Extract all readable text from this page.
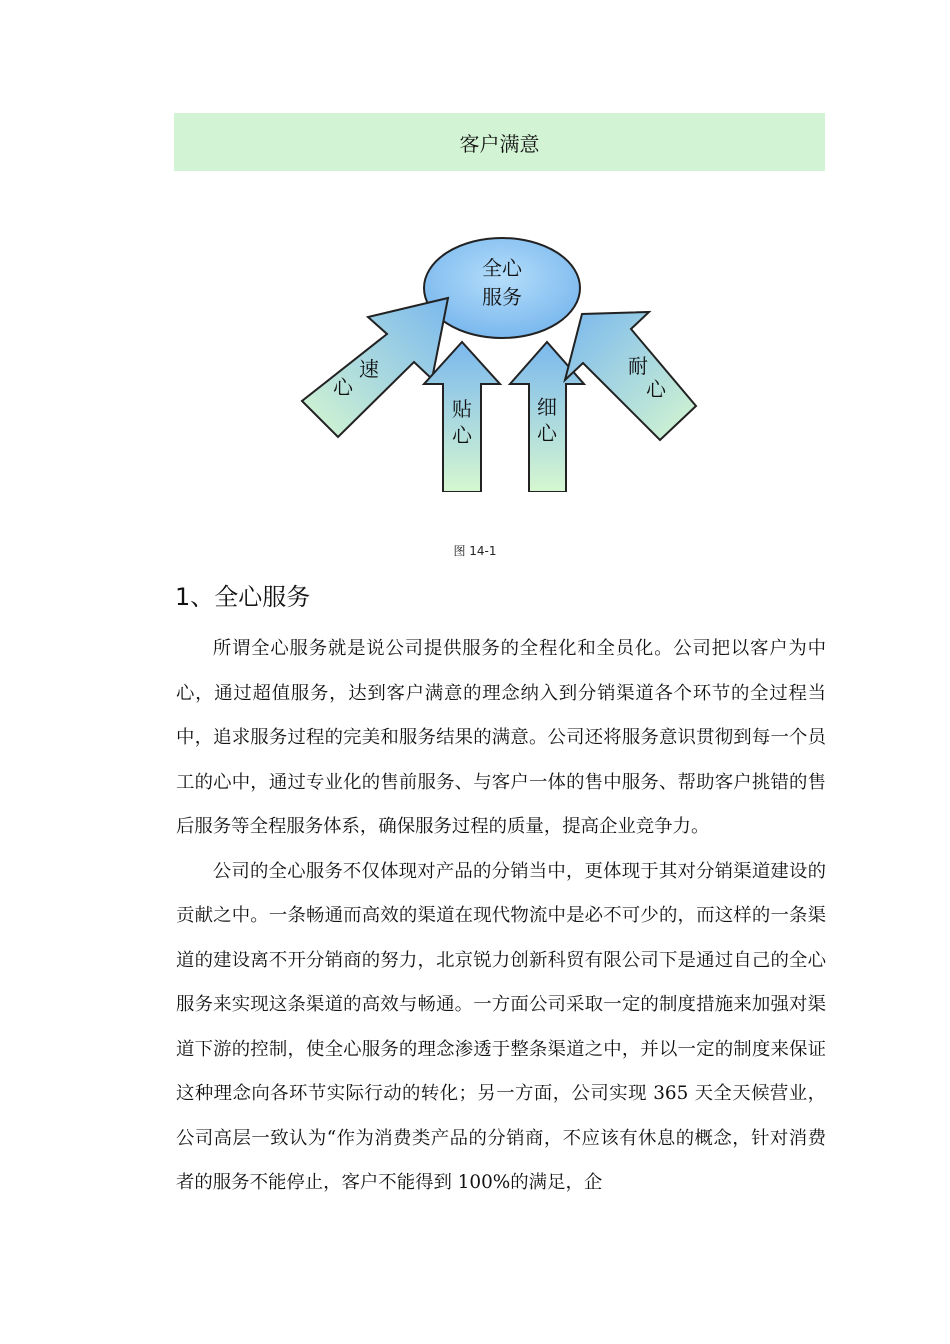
客户满意
全心
服务
速
心
贴
心
细
心
耐
心
图 14-1
1、全心服务

所谓全心服务就是说公司提供服务的全程化和全员化。公司把以客户为中心，通过超值服务，达到客户满意的理念纳入到分销渠道各个环节的全过程当中，追求服务过程的完美和服务结果的满意。公司还将服务意识贯彻到每一个员工的心中，通过专业化的售前服务、与客户一体的售中服务、帮助客户挑错的售后服务等全程服务体系，确保服务过程的质量，提高企业竞争力。

公司的全心服务不仅体现对产品的分销当中，更体现于其对分销渠道建设的贡献之中。一条畅通而高效的渠道在现代物流中是必不可少的，而这样的一条渠道的建设离不开分销商的努力，北京锐力创新科贸有限公司下是通过自己的全心服务来实现这条渠道的高效与畅通。一方面公司采取一定的制度措施来加强对渠道下游的控制，使全心服务的理念渗透于整条渠道之中，并以一定的制度来保证这种理念向各环节实际行动的转化；另一方面，公司实现 365 天全天候营业，公司高层一致认为“作为消费类产品的分销商，不应该有休息的概念，针对消费者的服务不能停止，客户不能得到 100%的满足，企
